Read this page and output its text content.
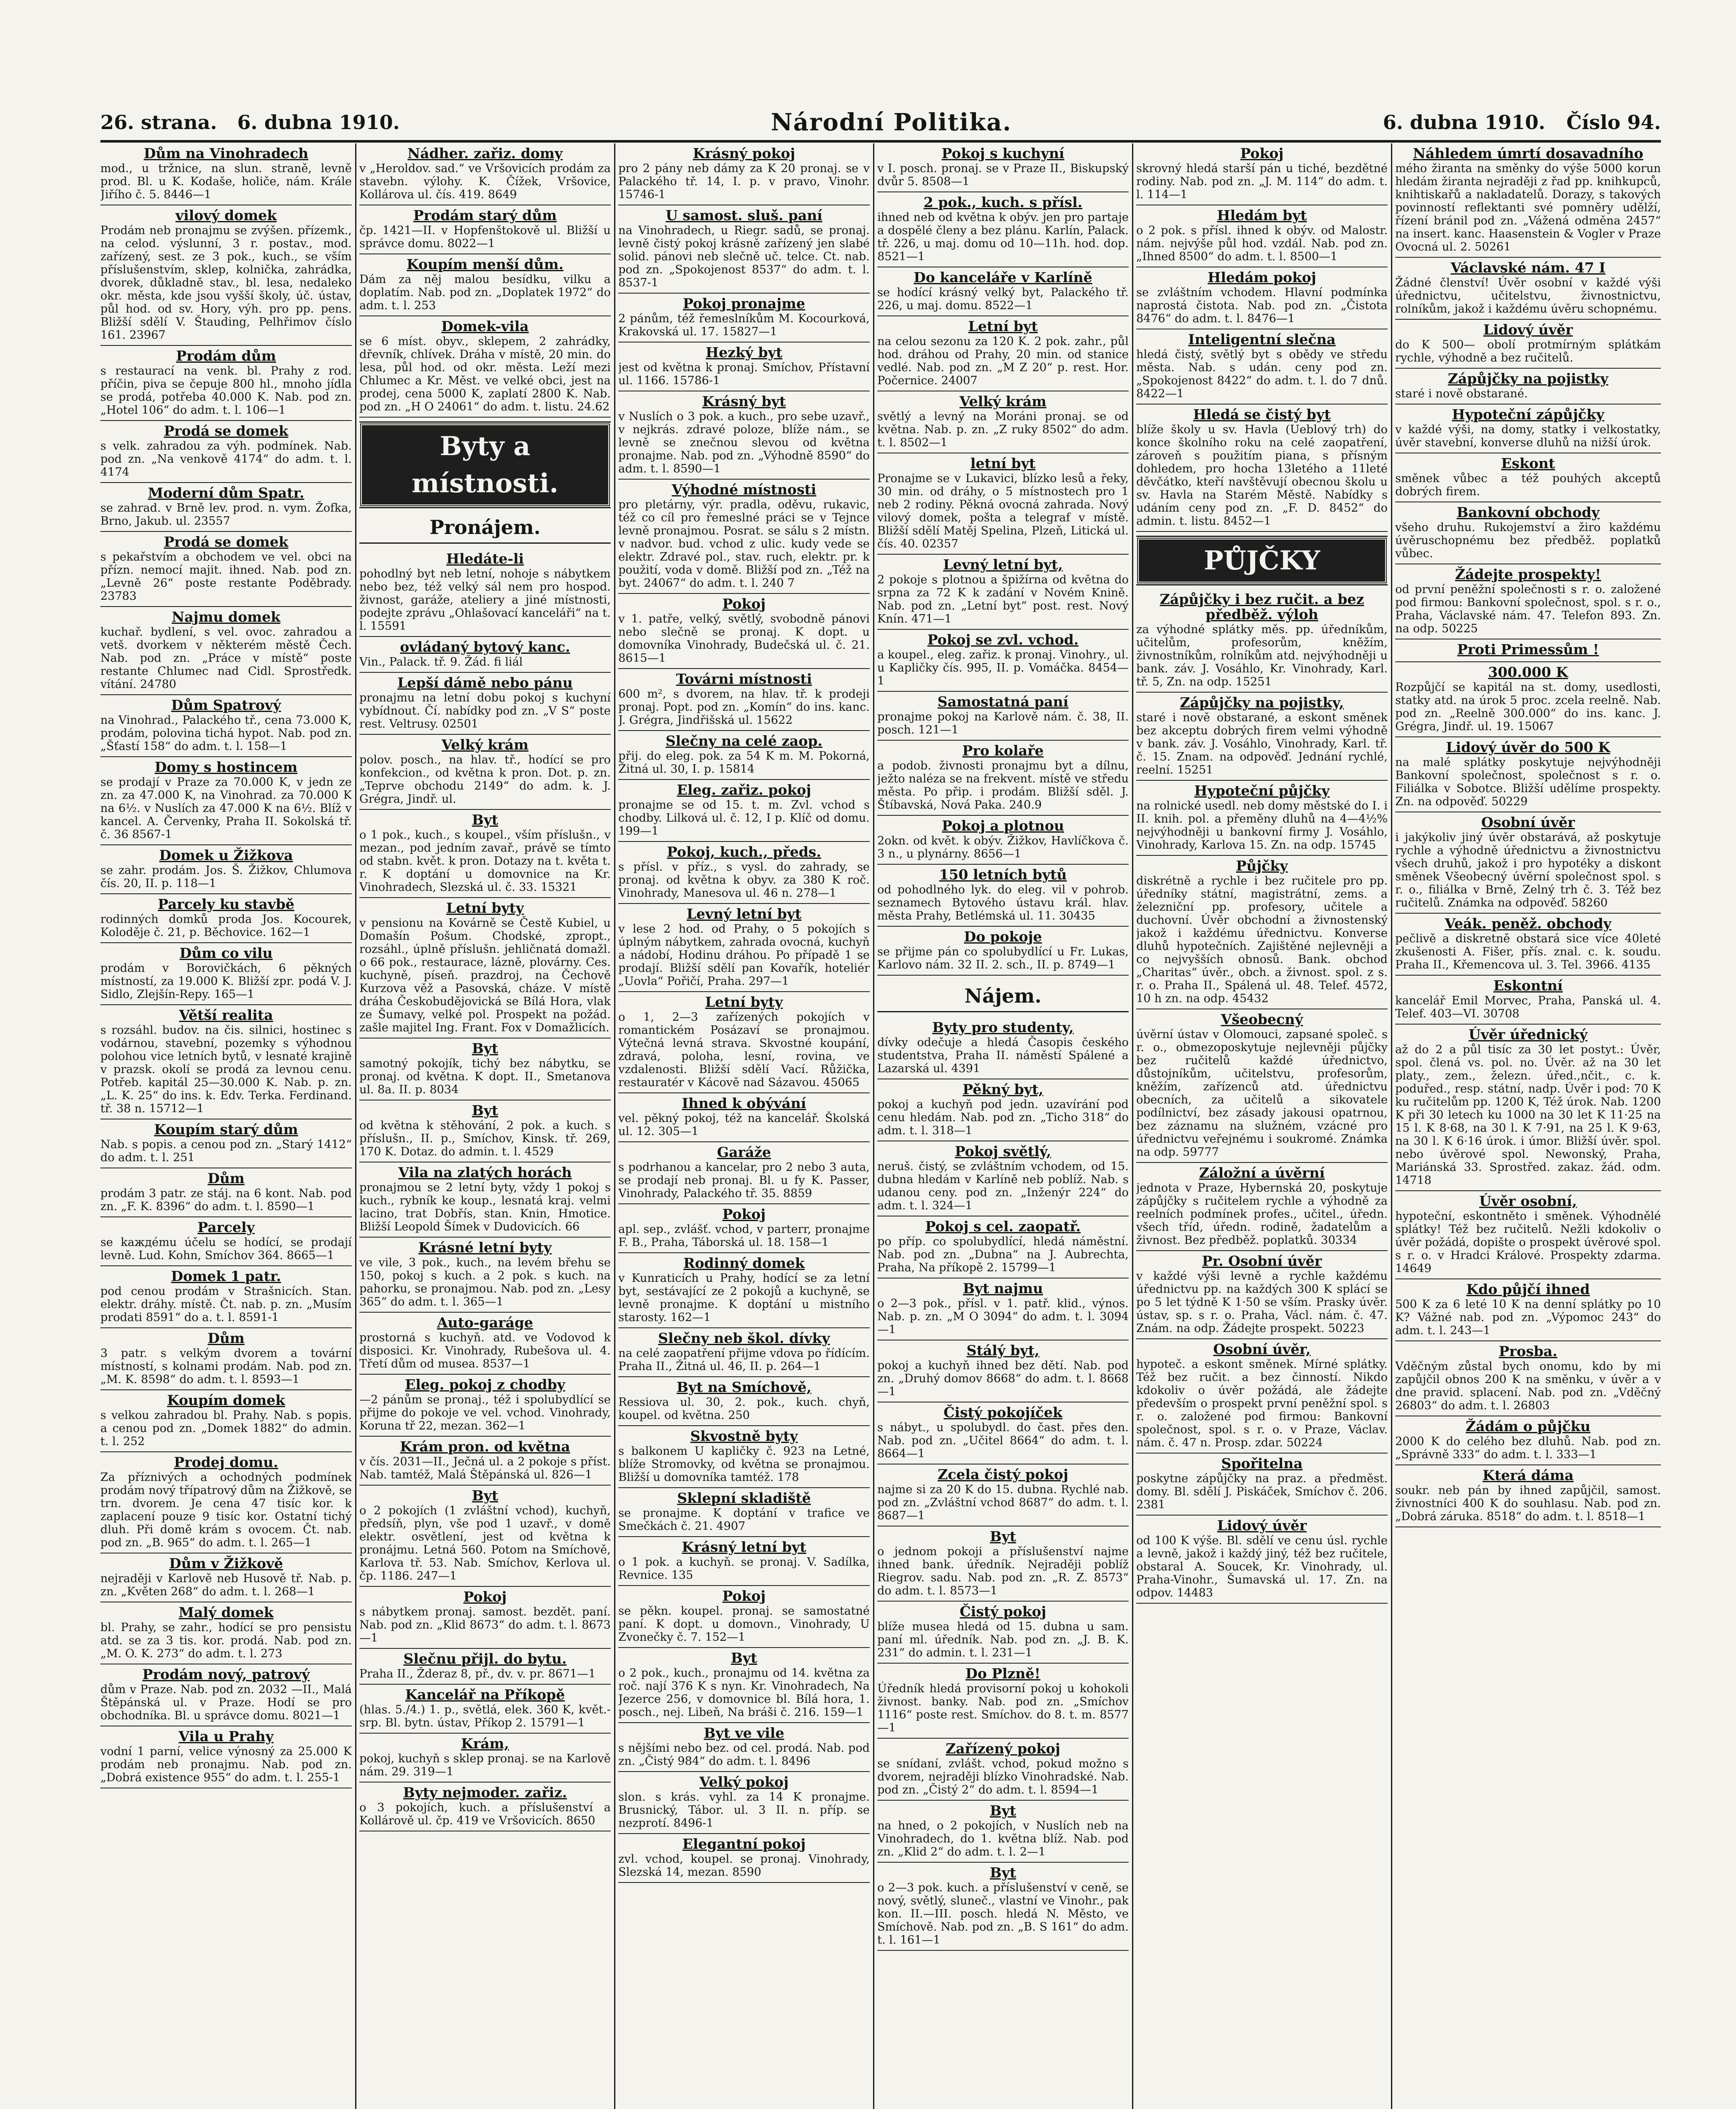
26. strana. 6. dubna 1910.	Národní Politika.	6. dubna 1910. Číslo 94.
Dům na Vinohradech
mod., u tržnice, na slun. straně, levně prod. Bl. u K. Kodaše, holiče, nám. Krále Jiřího č. 5. 8446—1
vilový domek
Prodám neb pronajmu se zvýšen. přízemk., na celod. výslunní, 3 r. postav., mod. zařízený, sest. ze 3 pok., kuch., se vším příslušenstvím, sklep, kolnička, zahrádka, dvorek, důkladně stav., bl. lesa, nedaleko okr. města, kde jsou vyšší školy, úč. ústav, půl hod. od sv. Hory, výh. pro pp. pens. Bližší sdělí V. Štauding, Pelhřimov číslo 161. 23967
Prodám dům
s restaurací na venk. bl. Prahy z rod. příčin, piva se čepuje 800 hl., mnoho jídla se prodá, potřeba 40.000 K. Nab. pod zn. „Hotel 106“ do adm. t. l. 106—1
Prodá se domek
s velk. zahradou za výh. podmínek. Nab. pod zn. „Na venkově 4174“ do adm. t. l. 4174
Moderní dům Spatr.
se zahrad. v Brně lev. prod. n. vym. Žofka, Brno, Jakub. ul. 23557
Prodá se domek
s pekařstvím a obchodem ve vel. obci na přízn. nemocí majit. ihned. Nab. pod zn. „Levně 26“ poste restante Poděbrady. 23783
Najmu domek
kuchař. bydlení, s vel. ovoc. zahradou a vetš. dvorkem v některém městě Čech. Nab. pod zn. „Práce v místě“ poste restante Chlumec nad Cidl. Sprostředk. vítání. 24780
Dům Spatrový
na Vinohrad., Palackého tř., cena 73.000 K, prodám, polovina tichá hypot. Nab. pod zn. „Šťastí 158“ do adm. t. l. 158—1
Domy s hostincem
se prodají v Praze za 70.000 K, v jedn ze zn. za 47.000 K, na Vinohrad. za 70.000 K na 6½. v Nuslích za 47.000 K na 6½. Blíž v kancel. A. Červenky, Praha II. Sokolská tř. č. 36 8567-1
Domek u Žižkova
se zahr. prodám. Jos. Š. Žižkov, Chlumova čís. 20, II. p. 118—1
Parcely ku stavbě
rodinných domků proda Jos. Kocourek, Koloděje č. 21, p. Běchovice. 162—1
Dům co vilu
prodám v Borovičkách, 6 pěkných místností, za 19.000 K. Bližší zpr. podá V. J. Sidlo, Zlejšín-Repy. 165—1
Větší realita
s rozsáhl. budov. na čis. silnici, hostinec s vodárnou, stavební, pozemky s výhodnou polohou vice letních bytů, v lesnaté krajině v prazsk. okolí se prodá za levnou cenu. Potřeb. kapitál 25—30.000 K. Nab. p. zn. „L. K. 25“ do ins. k. Edv. Terka. Ferdinand. tř. 38 n. 15712—1
Koupím starý dům
Nab. s popis. a cenou pod zn. „Starý 1412“ do adm. t. l. 251
Dům
prodám 3 patr. ze stáj. na 6 kont. Nab. pod zn. „F. K. 8396“ do adm. t. l. 8590—1
Parcely
se kaждému účelu se hodící, se prodají levně. Lud. Kohn, Smíchov 364. 8665—1
Domek 1 patr.
pod cenou prodám v Strašnicích. Stan. elektr. dráhy. místě. Čt. nab. p. zn. „Musím prodati 8591“ do a. t. l. 8591-1
Dům
3 patr. s velkým dvorem a tovární místností, s kolnami prodám. Nab. pod zn. „M. K. 8598“ do adm. t. l. 8593—1
Koupím domek
s velkou zahradou bl. Prahy. Nab. s popis. a cenou pod zn. „Domek 1882“ do admin. t. l. 252
Prodej domu.
Za příznivých a ochodných podmínek prodám nový třípatrový dům na Žižkově, se trn. dvorem. Je cena 47 tisíc kor. k zaplacení pouze 9 tisíc kor. Ostatní tichý dluh. Při domě krám s ovocem. Čt. nab. pod zn. „B. 965“ do adm. t. l. 265—1
Dům v Žižkově
nejraději v Karlově neb Husově tř. Nab. p. zn. „Květen 268“ do adm. t. l. 268—1
Malý domek
bl. Prahy, se zahr., hodící se pro pensistu atd. se za 3 tis. kor. prodá. Nab. pod zn. „M. O. K. 273“ do adm. t. l. 273
Prodám nový, patrový
dům v Praze. Nab. pod zn. 2032 —II., Malá Štěpánská ul. v Praze. Hodí se pro obchodníka. Bl. u správce domu. 8021—1
Vila u Prahy
vodní 1 parní, velice výnosný za 25.000 K prodám neb pronajmu. Nab. pod zn. „Dobrá existence 955“ do adm. t. l. 255-1
Nádher. zařiz. domy
v „Heroldov. sad.“ ve Vršovicích prodám za stavebn. výlohy. K. Čížek, Vršovice, Kollárova ul. čís. 419. 8649
Prodám starý dům
čp. 1421—II. v Hopfenštokově ul. Bližší u správce domu. 8022—1
Koupím menší dům.
Dám za něj malou besídku, vilku a doplatím. Nab. pod zn. „Doplatek 1972“ do adm. t. l. 253
Domek-vila
se 6 míst. obyv., sklepem, 2 zahrádky, dřevník, chlívek. Dráha v místě, 20 min. do lesa, půl hod. od okr. města. Leží mezi Chlumec a Kr. Měst. ve velké obci, jest na prodej, cena 5000 K, zaplatí 2800 K. Nab. pod zn. „H O 24061“ do adm. t. listu. 24.62
Byty a místnosti.
Pronájem.
Hledáte-li
pohodlný byt neb letní, nohoje s nábytkem nebo bez, též velký sál nem pro hospod. živnost, garáže, ateliery a jiné místnosti, podejte zprávu „Ohlašovací kanceláři“ na t. l. 15591
ovládaný bytový kanc.
Vin., Palack. tř. 9. Žád. fi liál
Lepší dámě nebo pánu
pronajmu na letní dobu pokoj s kuchyní vybídnout. Čí. nabídky pod zn. „V S“ poste rest. Veltrusy. 02501
Velký krám
polov. posch., na hlav. tř., hodící se pro konfekcion., od května k pron. Dot. p. zn. „Teprve obchodu 2149“ do adm. k. J. Grégra, Jindř. ul.
Byt
o 1 pok., kuch., s koupel., vším příslušn., v mezan., pod jedním zavař., právě se tímto od stabn. květ. k pron. Dotazy na t. květa t. r. K doptání u domovnice na Kr. Vinohradech, Slezská ul. č. 33. 15321
Letní byty
v pensionu na Kovárně se Čestě Kubiel, u Domašín Pošum. Chodské, zpropt., rozsáhl., úplně příslušn. jehličnatá domažl. o 66 pok., restaurace, lázně, plovárny. Ces. kuchyně, píseň. prazdroj, na Čechově Kurzova věž a Pasovská, cháze. V místě dráha Českobudějovická se Bílá Hora, vlak ze Šumavy, velké pol. Prospekt na požád. zašle majitel Ing. Frant. Fox v Domažlicích.
Byt
samotný pokojík, tichý bez nábytku, se pronaj. od května. K dopt. II., Smetanova ul. 8a. II. p. 8034
Byt
od května k stěhování, 2 pok. a kuch. s příslušn., II. p., Smíchov, Kinsk. tř. 269, 170 K. Dotaz. do admin. t. l. 4529
Vila na zlatých horách
pronajmou se 2 letní byty, vždy 1 pokoj s kuch., rybník ke koup., lesnatá kraj. velmi lacino, trat Dobřís, stan. Knin, Hmotice. Bližší Leopold Šímek v Dudovicích. 66
Krásné letní byty
ve vile, 3 pok., kuch., na levém břehu se 150, pokoj s kuch. a 2 pok. s kuch. na pahorku, se pronajmou. Nab. pod zn. „Lesy 365“ do adm. t. l. 365—1
Auto-garáge
prostorná s kuchyň. atd. ve Vodovod k disposici. Kr. Vinohrady, Rubešova ul. 4. Třetí dům od musea. 8537—1
Eleg. pokoj z chodby
—2 pánům se pronaj., též i spolubydlící se přijme do pokoje ve vel. vchod. Vinohrady, Koruna tř 22, mezan. 362—1
Krám pron. od května
v čís. 2031—II., Ječná ul. a 2 pokoje s příst. Nab. tamtéž, Malá Štěpánská ul. 826—1
Byt
o 2 pokojích (1 zvláštní vchod), kuchyň, předsíň, plyn, vše pod 1 uzavř., v domě elektr. osvětlení, jest od května k pronájmu. Letná 560. Potom na Smíchově, Karlova tř. 53. Nab. Smíchov, Kerlova ul. čp. 1186. 247—1
Pokoj
s nábytkem pronaj. samost. bezdět. paní. Nab. pod zn. „Klid 8673“ do adm. t. l. 8673—1
Slečnu přijl. do bytu.
Praha II., Žderaz 8, př., dv. v. pr. 8671—1
Kancelář na Příkopě
(hlas. 5./4.) 1. p., světlá, elek. 360 K, květ.-srp. Bl. bytn. ústav, Příkop 2. 15791—1
Krám,
pokoj, kuchyň s sklep pronaj. se na Karlově nám. 29. 319—1
Byty nejmoder. zařiz.
o 3 pokojích, kuch. a příslušenství a Kollárově ul. čp. 419 ve Vršovicích. 8650
Krásný pokoj
pro 2 pány neb dámy za K 20 pronaj. se v Palackého tř. 14, I. p. v pravo, Vinohr. 15746-1
U samost. sluš. paní
na Vinohradech, u Riegr. sadů, se pronaj. levně čistý pokoj krásně zařízený jen slabé solid. pánovi neb slečně uč. telce. Ct. nab. pod zn. „Spokojenost 8537“ do adm. t. l. 8537-1
Pokoj pronajme
2 pánům, též řemeslníkům M. Kocourková, Krakovská ul. 17. 15827—1
Hezký byt
jest od května k pronaj. Smíchov, Přístavní ul. 1166. 15786-1
Krásný byt
v Nuslích o 3 pok. a kuch., pro sebe uzavř., v nejkrás. zdravé poloze, blíže nám., se levně se znečnou slevou od května pronajme. Nab. pod zn. „Výhodně 8590“ do adm. t. l. 8590—1
Výhodné místnosti
pro pletárny, výr. pradla, oděvu, rukavic, též co cíl pro řemeslné práci se v Tejnce levně pronajmou. Posrat. se sálu s 2 místn. v nadvor. bud. vchod z ulic. kudy vede se elektr. Zdravé pol., stav. ruch, elektr. pr. k použití, voda v domě. Bližší pod zn. „Též na byt. 24067“ do adm. t. l. 240 7
Pokoj
v 1. patře, velký, světlý, svobodně pánovi nebo slečně se pronaj. K dopt. u domovníka Vinohrady, Budečská ul. č. 21. 8615—1
Továrni místnosti
600 m², s dvorem, na hlav. tř. k prodeji pronaj. Popt. pod zn. „Komín“ do ins. kanc. J. Grégra, Jindřišská ul. 15622
Slečny na celé zaop.
přij. do eleg. pok. za 54 K m. M. Pokorná, Žitná ul. 30, I. p. 15814
Eleg. zařiz. pokoj
pronajme se od 15. t. m. Zvl. vchod s chodby. Lilková ul. č. 12, I p. Klíč od domu. 199—1
Pokoj, kuch., předs.
s přísl. v příz., s vysl. do zahrady, se pronaj. od května k obyv. za 380 K roč. Vinohrady, Manesova ul. 46 n. 278—1
Levný letní byt
v lese 2 hod. od Prahy, o 5 pokojích s úplným nábytkem, zahrada ovocná, kuchyň a nádobí, Hodinu dráhou. Po případě 1 se prodají. Bližší sdělí pan Kovařík, hoteliér „Uovla“ Pořičí, Praha. 297—1
Letní byty
o 1, 2—3 zařízených pokojích v romantickém Posázaví se pronajmou. Výtečná levná strava. Skvostné koupání, zdravá, poloha, lesní, rovina, ve vzdalenosti. Bližší sdělí Vací. Růžička, restauratér v Kácově nad Sázavou. 45065
Ihned k obývání
vel. pěkný pokoj, též na kancelář. Školská ul. 12. 305—1
Garáže
s podrhanou a kancelar, pro 2 nebo 3 auta, se prodají neb pronaj. Bl. u fy K. Passer, Vinohrady, Palackého tř. 35. 8859
Pokoj
apl. sep., zvlášť. vchod, v parterr, pronajme F. B., Praha, Táborská ul. 18. 158—1
Rodinný domek
v Kunraticích u Prahy, hodící se za letní byt, sestávající ze 2 pokojů a kuchyně, se levně pronajme. K doptání u mistního starosty. 162—1
Slečny neb škol. dívky
na celé zaopatření přijme vdova po řídícím. Praha II., Žitná ul. 46, II. p. 264—1
Byt na Smíchově,
Ressiova ul. 30, 2. pok., kuch. chyň, koupel. od května. 250
Skvostně byty
s balkonem U kapličky č. 923 na Letné, blíže Stromovky, od května se pronajmou. Bližší u domovníka tamtéž. 178
Sklepní skladiště
se pronajme. K doptání v trafice ve Smečkách č. 21. 4907
Krásný letní byt
o 1 pok. a kuchyň. se pronaj. V. Sadílka, Revnice. 135
Pokoj
se pěkn. koupel. pronaj. se samostatné paní. K dopt. u domovn., Vinohrady, U Zvonečky č. 7. 152—1
Byt
o 2 pok., kuch., pronajmu od 14. května za roč. nají 376 K s nyn. Kr. Vinohradech, Na Jezerce 256, v domovnice bl. Bílá hora, 1. posch., nej. Libeň, Na bráši č. 216. 159—1
Byt ve vile
s nějšími nebo bez. od cel. prodá. Nab. pod zn. „Čistý 984“ do adm. t. l. 8496
Velký pokoj
slon. s krás. vyhl. za 14 K pronajme. Brusnický, Tábor. ul. 3 II. n. příp. se nezprotí. 8496-1
Elegantní pokoj
zvl. vchod, koupel. se pronaj. Vinohrady, Slezská 14, mezan. 8590
Pokoj s kuchyní
v I. posch. pronaj. se v Praze II., Biskupský dvůr 5. 8508—1
2 pok., kuch. s přísl.
ihned neb od května k obýv. jen pro partaje a dospělé členy a bez plánu. Karlín, Palack. tř. 226, u maj. domu od 10—11h. hod. dop. 8521—1
Do kanceláře v Karlíně
se hodící krásný velký byt, Palackého tř. 226, u maj. domu. 8522—1
Letní byt
na celou sezonu za 120 K. 2 pok. zahr., půl hod. dráhou od Prahy, 20 min. od stanice vedlé. Nab. pod zn. „M Z 20“ p. rest. Hor. Počernice. 24007
Velký krám
světlý a levný na Moráni pronaj. se od května. Nab. p. zn. „Z ruky 8502“ do adm. t. l. 8502—1
letní byt
Pronajme se v Lukavici, blízko lesů a řeky, 30 min. od dráhy, o 5 místnostech pro 1 neb 2 rodiny. Pěkná ovocná zahrada. Nový vilový domek, pošta a telegraf v místě. Bližší sdělí Matěj Spelina, Plzeň, Litická ul. čís. 40. 02357
Levný letní byt,
2 pokoje s plotnou a špižírna od května do srpna za 72 K k zadání v Novém Knině. Nab. pod zn. „Letní byt“ post. rest. Nový Knín. 471—1
Pokoj se zvl. vchod.
a koupel., eleg. zařiz. k pronaj. Vinohry., ul. u Kapličky čís. 995, II. p. Vomáčka. 8454—1
Samostatná paní
pronajme pokoj na Karlově nám. č. 38, II. posch. 121—1
Pro kolaře
a podob. živnosti pronajmu byt a dílnu, ježto naléza se na frekvent. místě ve středu města. Po přip. i prodám. Bližší sděl. J. Štíbavská, Nová Paka. 240.9
Pokoj a plotnou
2okn. od květ. k obýv. Žižkov, Havlíčkova č. 3 n., u plynárny. 8656—1
150 letních bytů
od pohodlného lyk. do eleg. vil v pohrob. seznamech Bytového ústavu král. hlav. města Prahy, Betlémská ul. 11. 30435
Do pokoje
se přijme pán co spolubydlící u Fr. Lukas, Karlovo nám. 32 II. 2. sch., II. p. 8749—1
Nájem.
Byty pro studenty,
dívky odečuje a hledá Časopis českého studentstva, Praha II. náměstí Spálené a Lazarská ul. 4391
Pěkný byt,
pokoj a kuchyň pod jedn. uzavírání pod cenu hledám. Nab. pod zn. „Ticho 318“ do adm. t. l. 318—1
Pokoj světlý,
neruš. čistý, se zvláštním vchodem, od 15. dubna hledám v Karlíně neb poblíž. Nab. s udanou ceny. pod zn. „Inženýr 224“ do adm. t. l. 324—1
Pokoj s cel. zaopatř.
po příp. co spolubydlící, hledá náměstní. Nab. pod zn. „Dubna“ na J. Aubrechta, Praha, Na příkopě 2. 15799—1
Byt najmu
o 2—3 pok., přísl. v 1. patř. klid., výnos. Nab. p. zn. „M O 3094“ do adm. t. l. 3094—1
Stálý byt,
pokoj a kuchyň ihned bez dětí. Nab. pod zn. „Druhý domov 8668“ do adm. t. l. 8668—1
Čistý pokojíček
s nábyt., u spolubydl. do čast. přes den. Nab. pod zn. „Učitel 8664“ do adm. t. l. 8664—1
Zcela čistý pokoj
najme si za 20 K do 15. dubna. Rychlé nab. pod zn. „Zvláštní vchod 8687“ do adm. t. l. 8687—1
Byt
o jednom pokoji a příslušenství najme ihned bank. úředník. Nejraději poblíž Riegrov. sadu. Nab. pod zn. „R. Z. 8573“ do adm. t. l. 8573—1
Čistý pokoj
blíže musea hledá od 15. dubna u sam. paní ml. úředník. Nab. pod zn. „J. B. K. 231“ do admin. t. l. 231—1
Do Plzně!
Úředník hledá provisorní pokoj u kohokoli živnost. banky. Nab. pod zn. „Smíchov 1116“ poste rest. Smíchov. do 8. t. m. 8577—1
Zařízený pokoj
se snídaní, zvlášt. vchod, pokud možno s dvorem, nejraději blízko Vinohradské. Nab. pod zn. „Čistý 2“ do adm. t. l. 8594—1
Byt
na hned, o 2 pokojích, v Nuslích neb na Vinohradech, do 1. května blíž. Nab. pod zn. „Klid 2“ do adm. t. l. 2—1
Byt
o 2—3 pok. kuch. a příslušenství v ceně, se nový, světlý, sluneč., vlastní ve Vinohr., pak kon. II.—III. posch. hledá N. Město, ve Smíchově. Nab. pod zn. „B. S 161“ do adm. t. l. 161—1
Pokoj
skrovný hledá starší pán u tiché, bezdětné rodiny. Nab. pod zn. „J. M. 114“ do adm. t. l. 114—1
Hledám byt
o 2 pok. s přísl. ihned k obýv. od Malostr. nám. nejvýše půl hod. vzdál. Nab. pod zn. „Ihned 8500“ do adm. t. l. 8500—1
Hledám pokoj
se zvláštním vchodem. Hlavní podmínka naprostá čistota. Nab. pod zn. „Čistota 8476“ do adm. t. l. 8476—1
Inteligentní slečna
hledá čistý, světlý byt s obědy ve středu města. Nab. s udán. ceny pod zn. „Spokojenost 8422“ do adm. t. l. do 7 dnů. 8422—1
Hledá se čistý byt
blíže školy u sv. Havla (Ueblový trh) do konce školního roku na celé zaopatření, zároveň s použitím piana, s přísným dohledem, pro hocha 13letého a 11leté děvčátko, kteří navštěvují obecnou školu u sv. Havla na Starém Městě. Nabídky s udáním ceny pod zn. „F. D. 8452“ do admin. t. listu. 8452—1
PŮJČKY
Zápůjčky i bez ručit. a bez předběž. výloh
za výhodné splátky měs. pp. úředníkům, učitelům, profesorům, kněžím, živnostníkům, rolníkům atd. nejvýhodněji u bank. záv. J. Vosáhlo, Kr. Vinohrady, Karl. tř. 5, Zn. na odp. 15251
Zápůjčky na pojistky,
staré i nově obstarané, a eskont směnek bez akceptu dobrých firem velmi výhodně v bank. záv. J. Vosáhlo, Vinohrady, Karl. tř. č. 15. Znam. na odpověď. Jednání rychlé, reelní. 15251
Hypoteční půjčky
na rolnické usedl. neb domy městské do I. i II. knih. pol. a přeměny dluhů na 4—4½% nejvýhodněji u bankovní firmy J. Vosáhlo, Vinohrady, Karlova 15. Zn. na odp. 15745
Půjčky
diskrétně a rychle i bez ručitele pro pp. úředníky státní, magistrátní, zems. a železniční pp. profesory, učitele a duchovní. Úvěr obchodní a živnostenský jakož i každému úřednictvu. Konverse dluhů hypotečních. Zajištěné nejlevněji a co nejvyšších obnosů. Bank. obchod „Charitas“ úvěr., obch. a živnost. spol. z s. r. o. Praha II., Spálená ul. 48. Telef. 4572, 10 h zn. na odp. 45432
Všeobecný
úvěrní ústav v Olomouci, zapsané společ. s r. o., obmezoposkytuje nejlevněji půjčky bez ručitelů každé úřednictvo, důstojníkům, učitelstvu, profesorům, kněžím, zařízenců atd. úřednictvu obecních, za učitelů a sikovatele podílnictví, bez zásady jakousi opatrnou, bez záznamu na služném, vzácné pro úřednictvu veřejnému i soukromé. Známka na odp. 59777
Záložní a úvěrní
jednota v Praze, Hybernská 20, poskytuje zápůjčky s ručitelem rychle a výhodně za reelních podmínek profes., učitel., úředn. všech tříd, úředn. rodině, žadatelům a živnost. Bez předběž. poplatků. 30334
Pr. Osobní úvěr
v každé výši levně a rychle každému úřednictvu pp. na každých 300 K splácí se po 5 let týdně K 1·50 se vším. Prasky úvěr. ústav, sp. s r. o. Praha, Václ. nám. č. 47. Znám. na odp. Žádejte prospekt. 50223
Osobní úvěr,
hypoteč. a eskont směnek. Mírné splátky. Též bez ručit. a bez činností. Nikdo kdokoliv o úvěr požádá, ale žádejte především o prospekt první peněžní spol. s r. o. založené pod firmou: Bankovní společnost, spol. s r. o. v Praze, Václav. nám. č. 47 n. Prosp. zdar. 50224
Spořitelna
poskytne zápůjčky na praz. a předměst. domy. Bl. sdělí J. Piskáček, Smíchov č. 206. 2381
Lidový úvěr
od 100 K výše. Bl. sdělí ve cenu úsl. rychle a levně, jakož i každý jiný, též bez ručitele, obstaral A. Soucek, Kr. Vinohrady, ul. Praha-Vinohr., Šumavská ul. 17. Zn. na odpov. 14483
Náhledem úmrtí dosavadního
mého žiranta na směnky do výše 5000 korun hledám žiranta nejraději z řad pp. knihkupců, knihtiskařů a nakladatelů. Dorazy, s takových povinností reflektanti své pomněry udělží, řízení bránil pod zn. „Vážená odměna 2457“ na insert. kanc. Haasenstein & Vogler v Praze Ovocná ul. 2. 50261
Václavské nám. 47 I
Žádné členství! Úvěr osobní v každé výši úřednictvu, učitelstvu, živnostnictvu, rolníkům, jakož i každému úvěru schopnému.
Lidový úvěr
do K 500— obolí protmírným splátkám rychle, výhodně a bez ručitelů.
Zápůjčky na pojistky
staré i nově obstarané.
Hypoteční zápůjčky
v každé výši, na domy, statky i velkostatky, úvěr stavební, konverse dluhů na nižší úrok.
Eskont
směnek vůbec a též pouhých akceptů dobrých firem.
Bankovní obchody
všeho druhu. Rukojemství a žiro každému úvěruschopnému bez předběž. poplatků vůbec.
Žádejte prospekty!
od první peněžní společnosti s r. o. založené pod firmou: Bankovní společnost, spol. s r. o., Praha, Václavské nám. 47. Telefon 893. Zn. na odp. 50225
Proti Primessům !
300.000 K
Rozpůjčí se kapitál na st. domy, usedlosti, statky atd. na úrok 5 proc. zcela reelně. Nab. pod zn. „Reelně 300.000“ do ins. kanc. J. Grégra, Jindř. ul. 19. 15067
Lidový úvěr do 500 K
na malé splátky poskytuje nejvýhodněji Bankovní společnost, společnost s r. o. Filiálka v Sobotce. Bližší udělíme prospekty. Zn. na odpověď. 50229
Osobní úvěr
i jakýkoliv jiný úvěr obstarává, až poskytuje rychle a výhodně úřednictvu a živnostnictvu všech druhů, jakož i pro hypotéky a diskont směnek Všeobecný úvěrní společnost spol. s r. o., filiálka v Brně, Zelný trh č. 3. Též bez ručitelů. Známka na odpověď. 58260
Veák. peněž. obchody
pečlivě a diskretně obstará sice více 40leté zkušenosti A. Fišer, přís. znal. c. k. soudu. Praha II., Křemencova ul. 3. Tel. 3966. 4135
Eskontní
kancelář Emil Morvec, Praha, Panská ul. 4. Telef. 403—VI. 30708
Úvěr úřednický
až do 2 a půl tisíc za 30 let postyt.: Úvěr, spol. člená vs. pol. no. Úvěr. až na 30 let platy., zem., železn. úřed.,nčit., c. k. poduřed., resp. státní, nadp. Úvěr i pod: 70 K ku ručitelům pp. 1200 K, Též úrok. Nab. 1200 K při 30 letech ku 1000 na 30 let K 11·25 na 15 l. K 8·68, na 30 l. K 7·91, na 25 l. K 9·63, na 30 l. K 6·16 úrok. i úmor. Bližší úvěr. spol. nebo úvěrové spol. Newonský, Praha, Mariánská 33. Sprostřed. zakaz. žád. odm. 14718
Úvěr osobní,
hypoteční, eskontněto i směnek. Výhodnělé splátky! Též bez ručitelů. Nežli kdokoliv o úvěr požádá, dopište o prospekt úvěrové spol. s r. o. v Hradci Králové. Prospekty zdarma. 14649
Kdo půjčí ihned
500 K za 6 leté 10 K na denní splátky po 10 K? Vážné nab. pod zn. „Výpomoc 243“ do adm. t. l. 243—1
Prosba.
Vděčným zůstal bych onomu, kdo by mi zapůjčil obnos 200 K na směnku, v úvěr a v dne pravid. splacení. Nab. pod zn. „Vděčný 26803“ do adm. t. l. 26803
Žádám o půjčku
2000 K do celého bez dluhů. Nab. pod zn. „Správně 333“ do adm. t. l. 333—1
Která dáma
soukr. neb pán by ihned zapůjčil, samost. živnostníci 400 K do souhlasu. Nab. pod zn. „Dobrá záruka. 8518“ do adm. t. l. 8518—1
